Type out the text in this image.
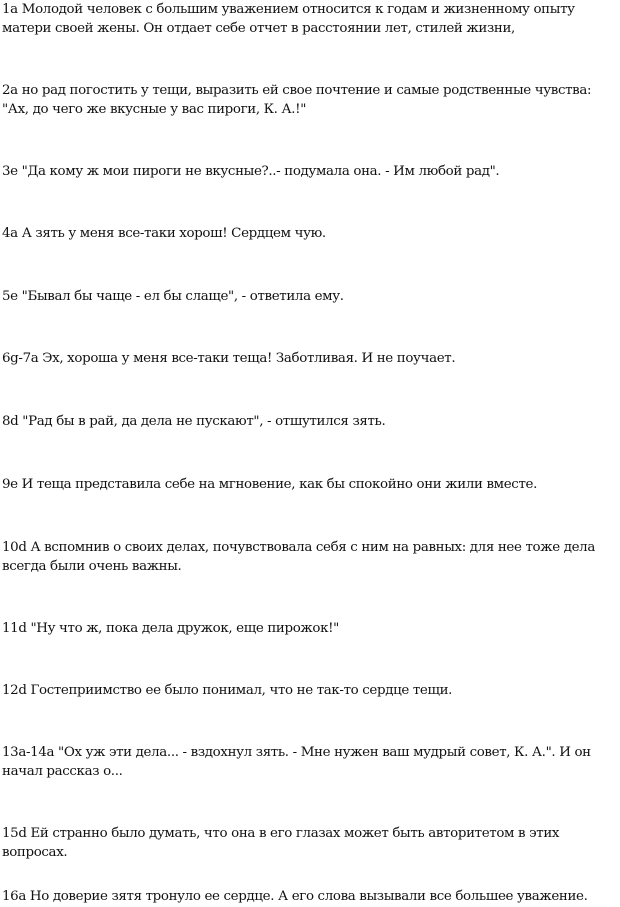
1a Молодой человек с большим уважением относится к годам и жизненному опыту матери своей жены. Он отдает себе отчет в расстоянии лет, стилей жизни,

2a но рад погостить у тещи, выразить ей свое почтение и самые родственные чувства: "Ах, до чего же вкусные у вас пироги, К. А.!"

3e "Да кому ж мои пироги не вкусные?..- подумала она. - Им любой рад".

4a А зять у меня все-таки хорош! Сердцем чую.

5e "Бывал бы чаще - ел бы слаще", - ответила ему.

6g-7a Эх, хороша у меня все-таки теща! Заботливая. И не поучает.

8d "Рад бы в рай, да дела не пускают", - отшутился зять.

9e И теща представила себе на мгновение, как бы спокойно они жили вместе.

10d А вспомнив о своих делах, почувствовала себя с ним на равных: для нее тоже дела всегда были очень важны.

11d "Ну что ж, пока дела дружок, еще пирожок!"

12d Гостеприимство ее было понимал, что не так-то сердце тещи.

13a-14a "Ох уж эти дела... - вздохнул зять. - Мне нужен ваш мудрый совет, К. А.". И он начал рассказ о...

15d Ей странно было думать, что она в его глазах может быть авторитетом в этих вопросах.

16a Но доверие зятя тронуло ее сердце. А его слова вызывали все большее уважение.
